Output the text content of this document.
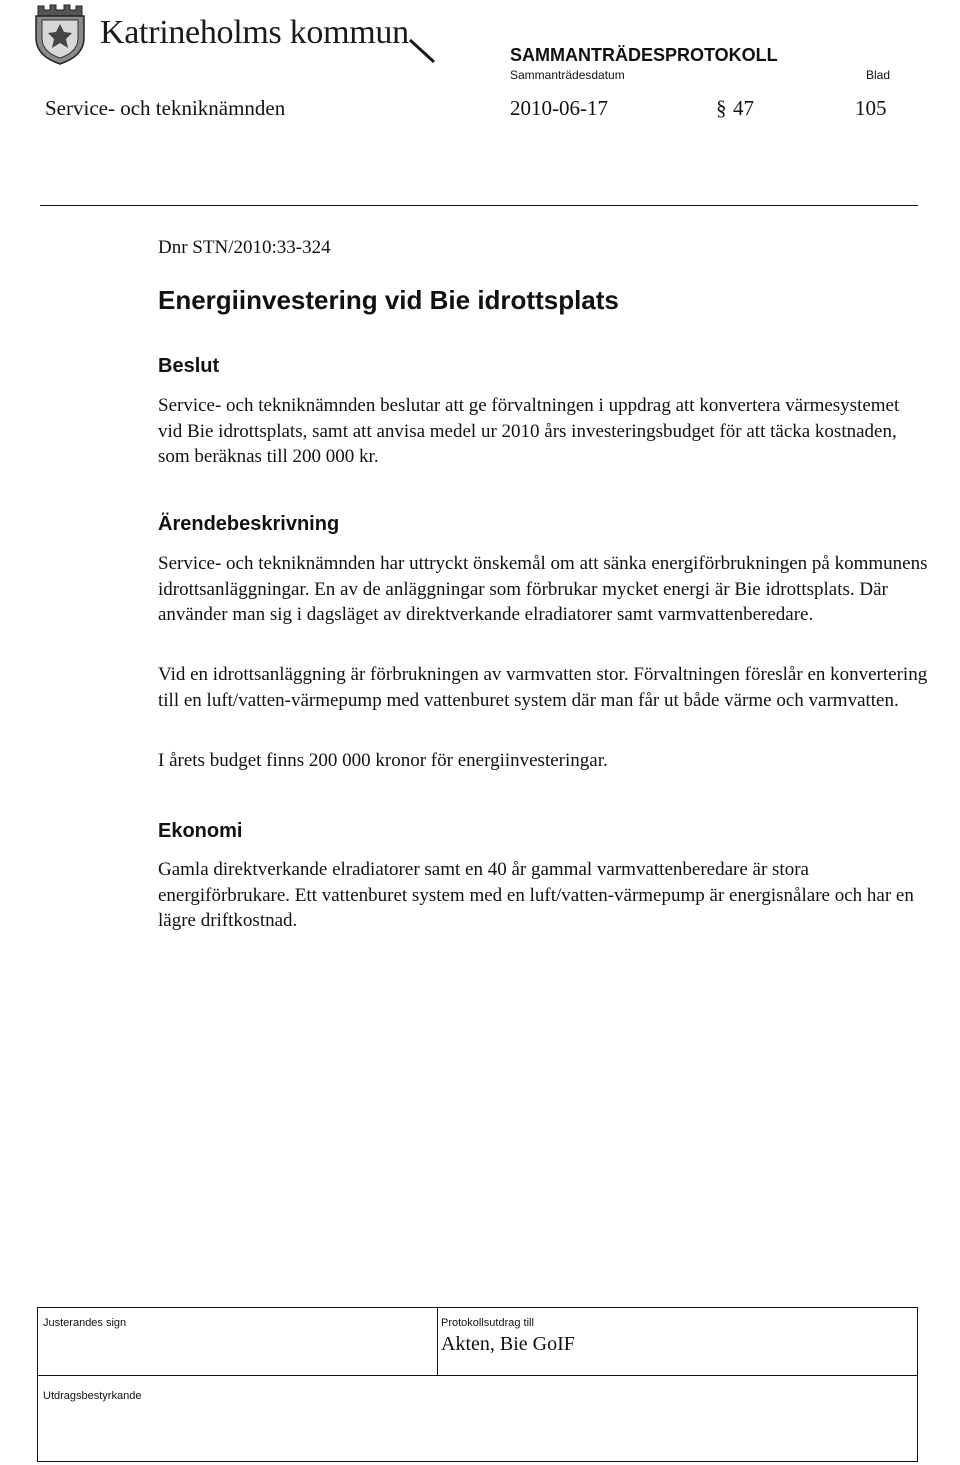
Katrineholms kommun
SAMMANTRÄDESPROTOKOLL
Sammanträdesdatum	Blad
Service- och tekniknämnden	2010-06-17	§ 47	105
Dnr STN/2010:33-324
Energiinvestering vid Bie idrottsplats
Beslut

Service- och tekniknämnden beslutar att ge förvaltningen i uppdrag att konvertera värmesystemet vid Bie idrottsplats, samt att anvisa medel ur 2010 års investeringsbudget för att täcka kostnaden, som beräknas till 200 000 kr.

Ärendebeskrivning

Service- och tekniknämnden har uttryckt önskemål om att sänka energiförbrukningen på kommunens idrottsanläggningar. En av de anläggningar som förbrukar mycket energi är Bie idrottsplats. Där använder man sig i dagsläget av direktverkande elradiatorer samt varmvattenberedare.

Vid en idrottsanläggning är förbrukningen av varmvatten stor. Förvaltningen föreslår en konvertering till en luft/vatten-värmepump med vattenburet system där man får ut både värme och varmvatten.

I årets budget finns 200 000 kronor för energiinvesteringar.

Ekonomi

Gamla direktverkande elradiatorer samt en 40 år gammal varmvattenberedare är stora energiförbrukare. Ett vattenburet system med en luft/vatten-värmepump är energisnålare och har en lägre driftkostnad.

Justerandes sign	Protokollsutdrag till
Akten, Bie GoIF
Utdragsbestyrkande
